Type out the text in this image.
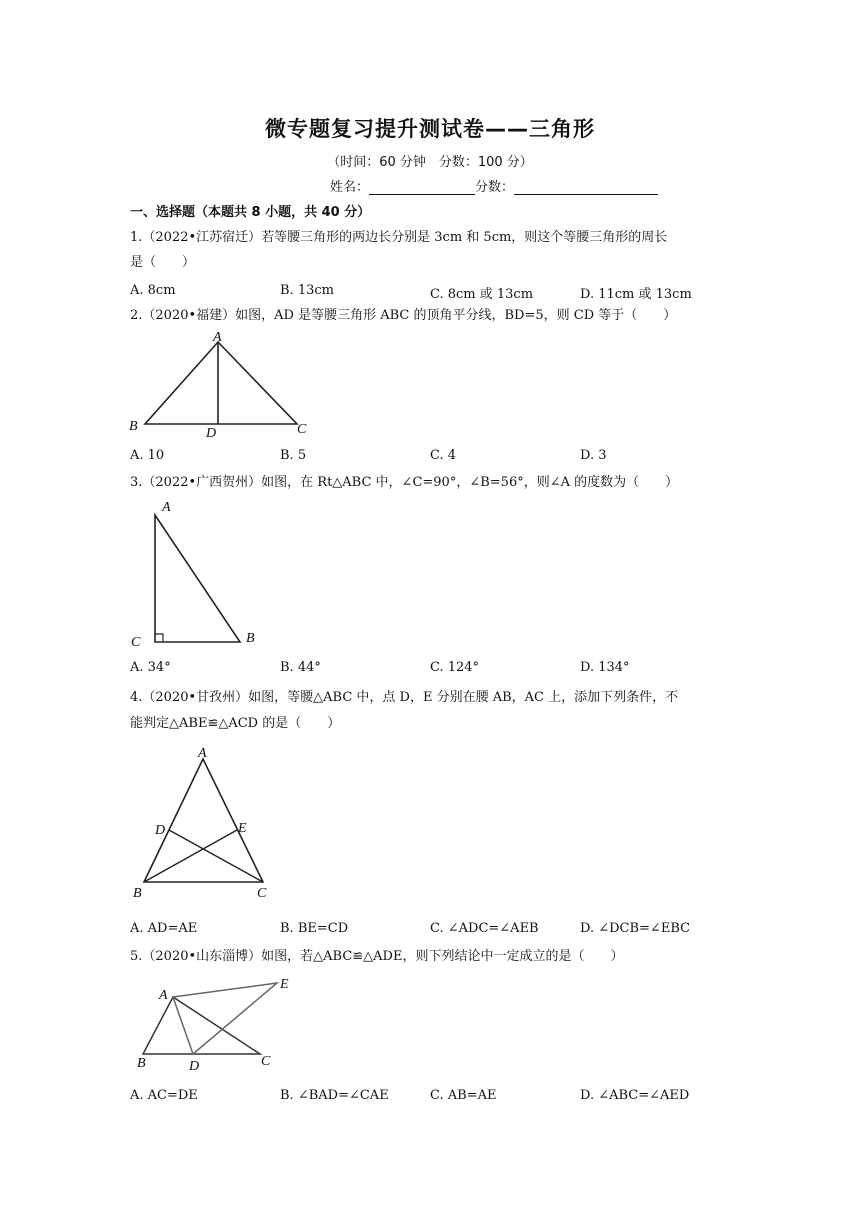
微专题复习提升测试卷——三角形
（时间：60 分钟　分数：100 分）
姓名：	分数：
一、选择题（本题共 8 小题，共 40 分）
1.（2022•江苏宿迁）若等腰三角形的两边长分别是 3cm 和 5cm，则这个等腰三角形的周长
是（　　）
A. 8cm	B. 13cm	C. 8cm 或 13cm	D. 11cm 或 13cm
2.（2020•福建）如图，AD 是等腰三角形 ABC 的顶角平分线，BD=5，则 CD 等于（　　）
A
B	D	C
A. 10	B. 5	C. 4	D. 3
3.（2022•广西贺州）如图，在 Rt△ABC 中，∠C=90°，∠B=56°，则∠A 的度数为（　　）
A
C	B
A. 34°	B. 44°	C. 124°	D. 134°
4.（2020•甘孜州）如图，等腰△ABC 中，点 D，E 分别在腰 AB，AC 上，添加下列条件，不
能判定△ABE≌△ACD 的是（　　）
A
D	E
B	C
A. AD=AE	B. BE=CD	C. ∠ADC=∠AEB	D. ∠DCB=∠EBC
5.（2020•山东淄博）如图，若△ABC≌△ADE，则下列结论中一定成立的是（　　）
A
E
B	D	C
A. AC=DE	B. ∠BAD=∠CAE	C. AB=AE	D. ∠ABC=∠AED
